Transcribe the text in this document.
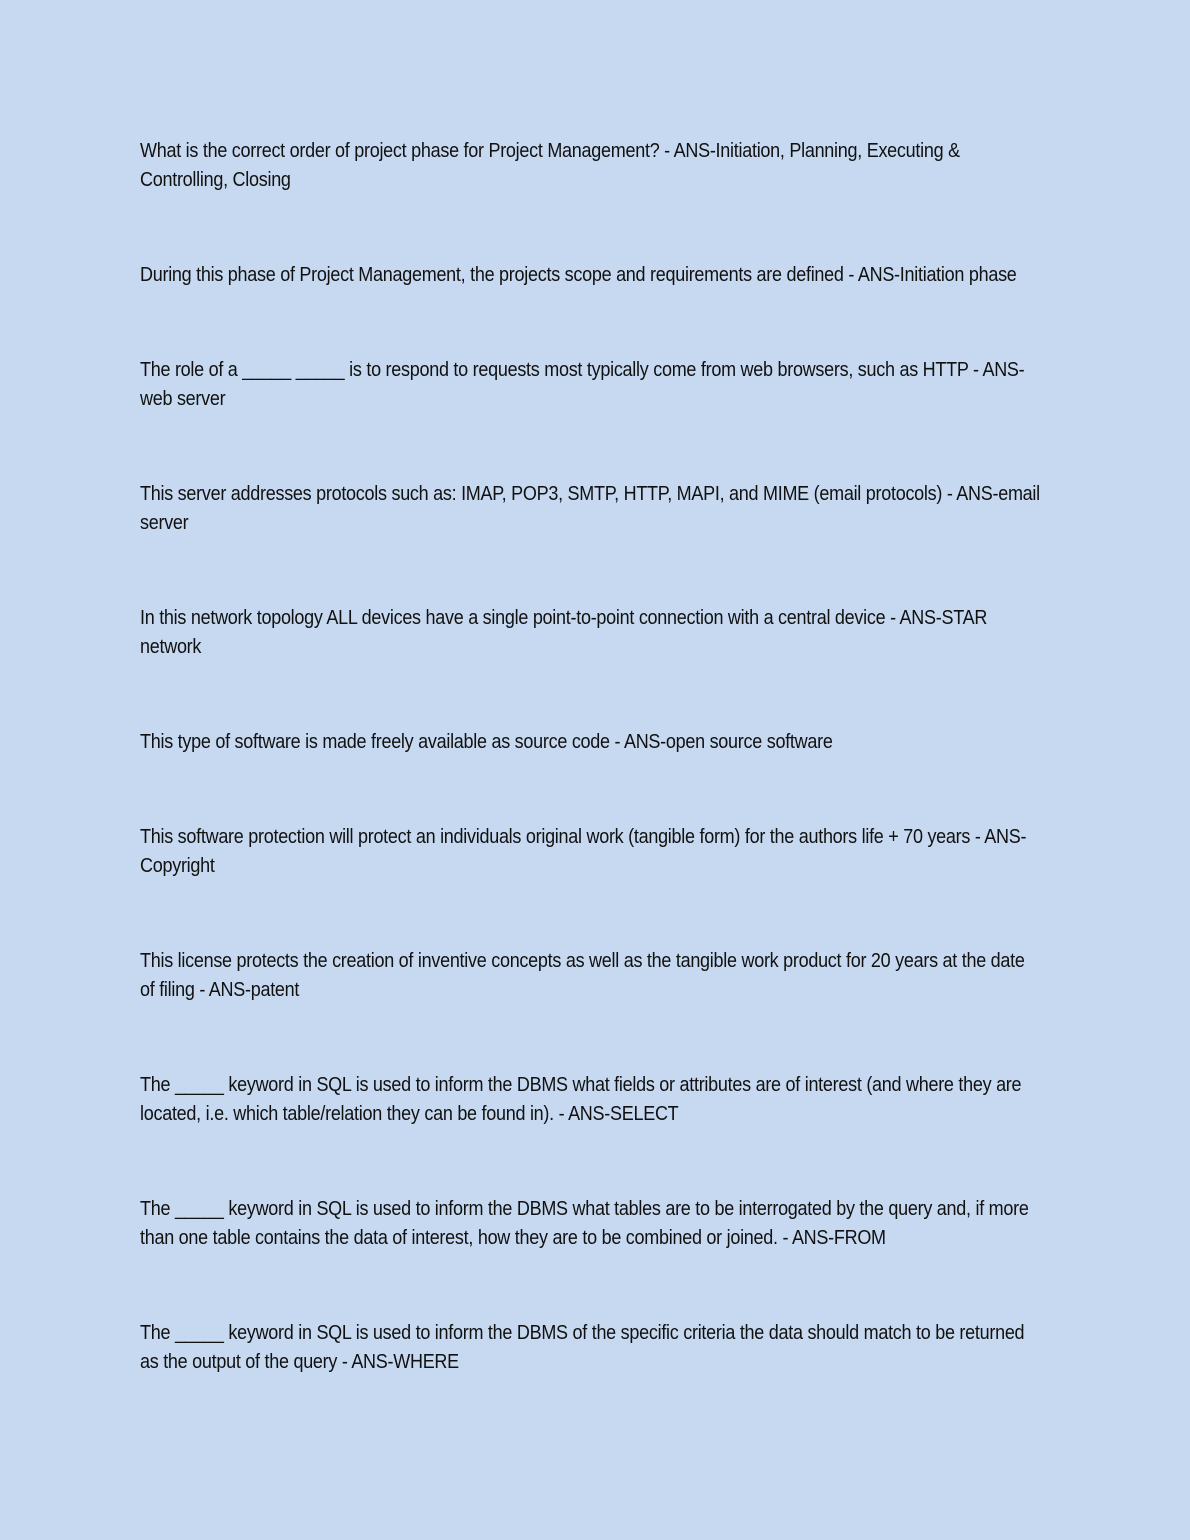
What is the correct order of project phase for Project Management? - ANS-Initiation, Planning, Executing & Controlling, Closing

During this phase of Project Management, the projects scope and requirements are defined - ANS-Initiation phase

The role of a _____ _____ is to respond to requests most typically come from web browsers, such as HTTP - ANS-web server

This server addresses protocols such as: IMAP, POP3, SMTP, HTTP, MAPI, and MIME (email protocols) - ANS-email server

In this network topology ALL devices have a single point-to-point connection with a central device - ANS-STAR network

This type of software is made freely available as source code - ANS-open source software

This software protection will protect an individuals original work (tangible form) for the authors life + 70 years - ANS-Copyright

This license protects the creation of inventive concepts as well as the tangible work product for 20 years at the date of filing - ANS-patent

The _____ keyword in SQL is used to inform the DBMS what fields or attributes are of interest (and where they are located, i.e. which table/relation they can be found in). - ANS-SELECT

The _____ keyword in SQL is used to inform the DBMS what tables are to be interrogated by the query and, if more than one table contains the data of interest, how they are to be combined or joined. - ANS-FROM

The _____ keyword in SQL is used to inform the DBMS of the specific criteria the data should match to be returned as the output of the query - ANS-WHERE
